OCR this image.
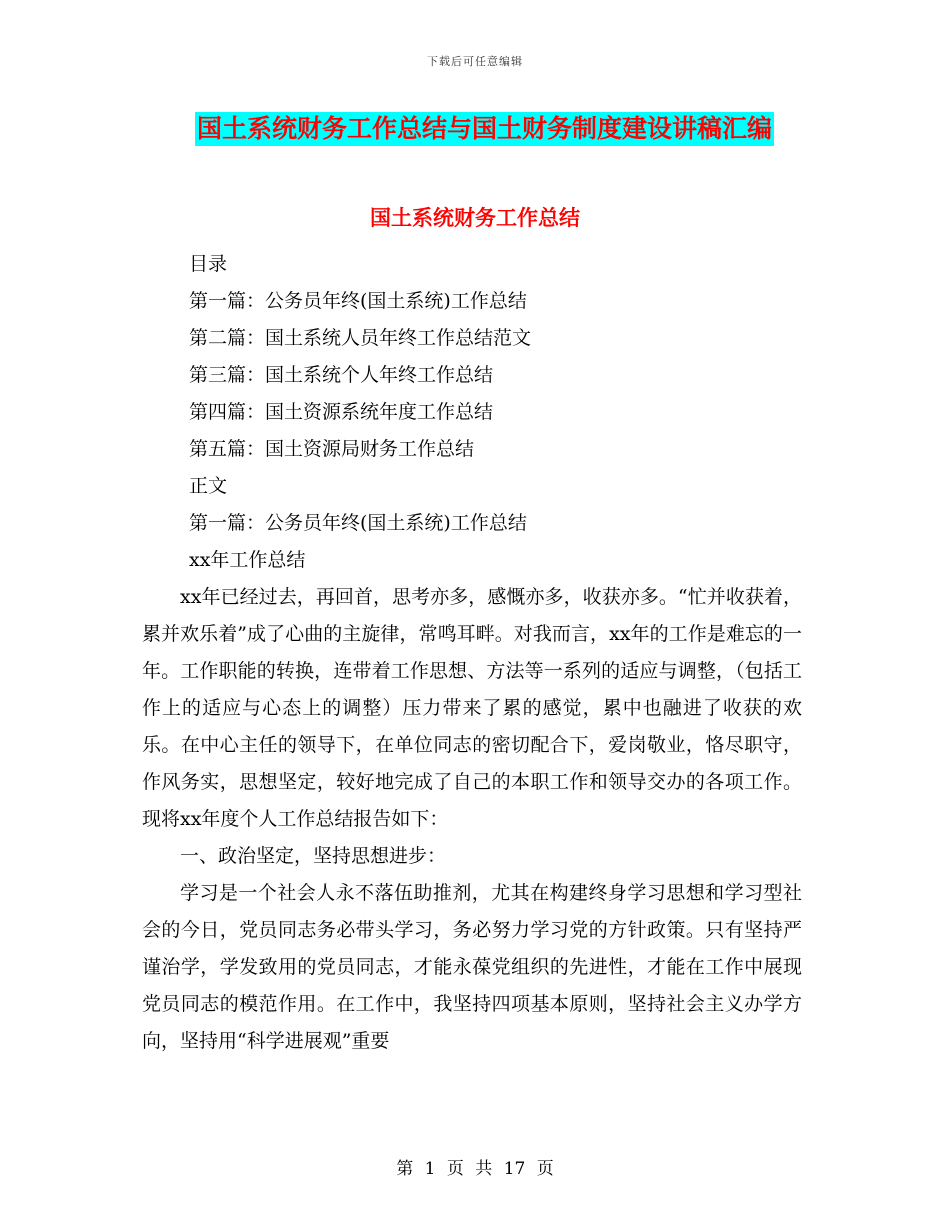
下载后可任意编辑
国土系统财务工作总结与国土财务制度建设讲稿汇编
国土系统财务工作总结
目录
第一篇：公务员年终(国土系统)工作总结
第二篇：国土系统人员年终工作总结范文
第三篇：国土系统个人年终工作总结
第四篇：国土资源系统年度工作总结
第五篇：国土资源局财务工作总结
正文
第一篇：公务员年终(国土系统)工作总结
xx年工作总结

xx年已经过去，再回首，思考亦多，感慨亦多，收获亦多。“忙并收获着，累并欢乐着”成了心曲的主旋律，常鸣耳畔。对我而言，xx年的工作是难忘的一年。工作职能的转换，连带着工作思想、方法等一系列的适应与调整，（包括工作上的适应与心态上的调整）压力带来了累的感觉，累中也融进了收获的欢乐。在中心主任的领导下，在单位同志的密切配合下，爱岗敬业，恪尽职守，作风务实，思想坚定，较好地完成了自己的本职工作和领导交办的各项工作。现将xx年度个人工作总结报告如下：

一、政治坚定，坚持思想进步：

学习是一个社会人永不落伍助推剂，尤其在构建终身学习思想和学习型社会的今日，党员同志务必带头学习，务必努力学习党的方针政策。只有坚持严谨治学，学发致用的党员同志，才能永葆党组织的先进性，才能在工作中展现党员同志的模范作用。在工作中，我坚持四项基本原则，坚持社会主义办学方向，坚持用“科学进展观”重要

第 1 页 共 17 页
